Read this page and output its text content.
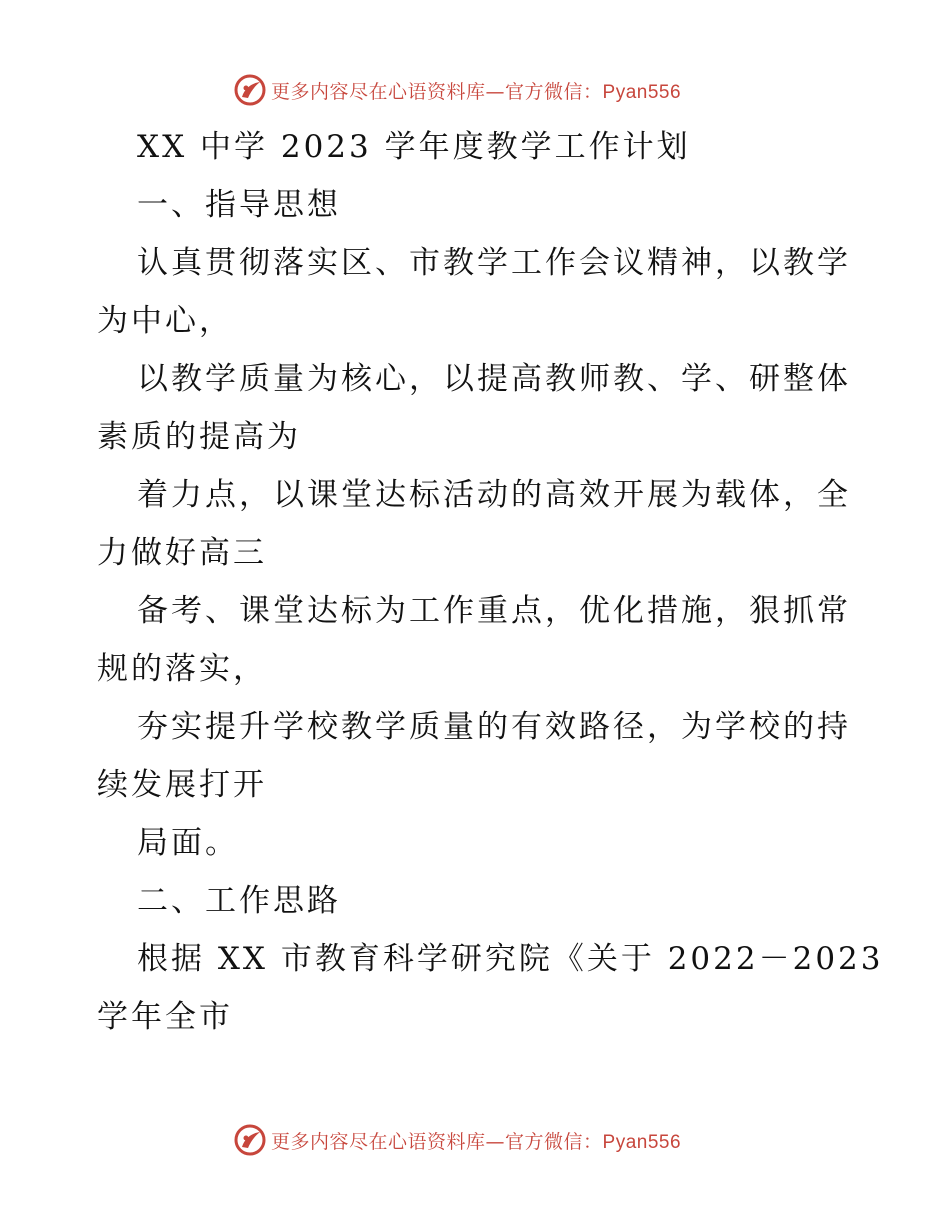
更多内容尽在心语资料库—官方微信：Pyan556
XX 中学 2023 学年度教学工作计划
一、指导思想
认真贯彻落实区、市教学工作会议精神，以教学
为中心，
以教学质量为核心，以提高教师教、学、研整体
素质的提高为
着力点，以课堂达标活动的高效开展为载体，全
力做好高三
备考、课堂达标为工作重点，优化措施，狠抓常
规的落实，
夯实提升学校教学质量的有效路径，为学校的持
续发展打开
局面。
二、工作思路
根据 XX 市教育科学研究院《关于 2022－2023
学年全市
更多内容尽在心语资料库—官方微信：Pyan556
